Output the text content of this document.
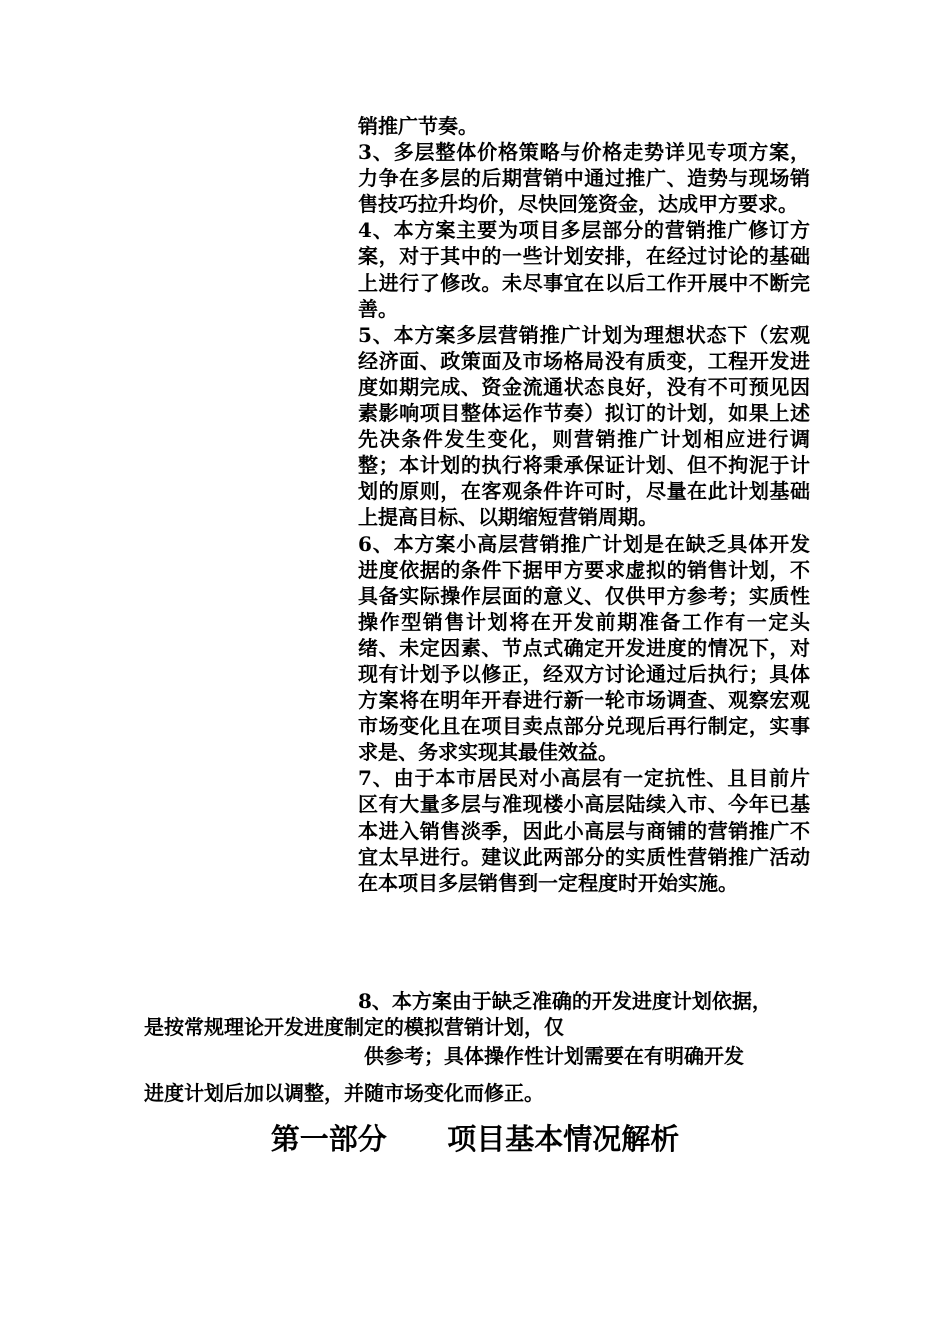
销推广节奏。

3、多层整体价格策略与价格走势详见专项方案，力争在多层的后期营销中通过推广、造势与现场销售技巧拉升均价，尽快回笼资金，达成甲方要求。

4、本方案主要为项目多层部分的营销推广修订方案，对于其中的一些计划安排，在经过讨论的基础上进行了修改。未尽事宜在以后工作开展中不断完善。

5、本方案多层营销推广计划为理想状态下（宏观经济面、政策面及市场格局没有质变，工程开发进度如期完成、资金流通状态良好，没有不可预见因素影响项目整体运作节奏）拟订的计划，如果上述先决条件发生变化，则营销推广计划相应进行调整；本计划的执行将秉承保证计划、但不拘泥于计划的原则，在客观条件许可时，尽量在此计划基础上提高目标、以期缩短营销周期。

6、本方案小高层营销推广计划是在缺乏具体开发进度依据的条件下据甲方要求虚拟的销售计划，不具备实际操作层面的意义、仅供甲方参考；实质性操作型销售计划将在开发前期准备工作有一定头绪、未定因素、节点式确定开发进度的情况下，对现有计划予以修正，经双方讨论通过后执行；具体方案将在明年开春进行新一轮市场调查、观察宏观市场变化且在项目卖点部分兑现后再行制定，实事求是、务求实现其最佳效益。

7、由于本市居民对小高层有一定抗性、且目前片区有大量多层与准现楼小高层陆续入市、今年已基本进入销售淡季，因此小高层与商铺的营销推广不宜太早进行。建议此两部分的实质性营销推广活动在本项目多层销售到一定程度时开始实施。

8、本方案由于缺乏准确的开发进度计划依据，
是按常规理论开发进度制定的模拟营销计划，仅
供参考；具体操作性计划需要在有明确开发
进度计划后加以调整，并随市场变化而修正。
第一部分      项目基本情况解析
